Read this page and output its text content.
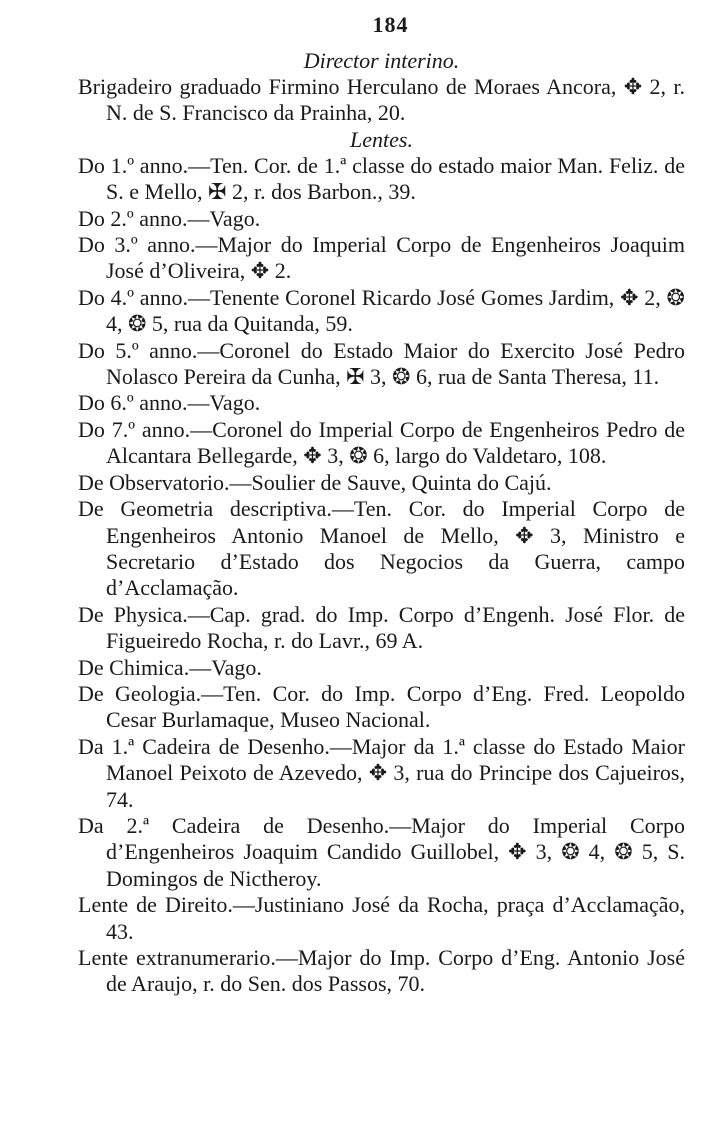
184

Director interino.

Brigadeiro graduado Firmino Herculano de Moraes Ancora, ✥ 2, r. N. de S. Francisco da Prainha, 20.

Lentes.

Do 1.º anno.—Ten. Cor. de 1.ª classe do estado maior Man. Feliz. de S. e Mello, ✠ 2, r. dos Barbon., 39.

Do 2.º anno.—Vago.

Do 3.º anno.—Major do Imperial Corpo de Engenheiros Joaquim José d’Oliveira, ✥ 2.

Do 4.º anno.—Tenente Coronel Ricardo José Gomes Jardim, ✥ 2, ❂ 4, ❂ 5, rua da Quitanda, 59.

Do 5.º anno.—Coronel do Estado Maior do Exercito José Pedro Nolasco Pereira da Cunha, ✠ 3, ❂ 6, rua de Santa Theresa, 11.

Do 6.º anno.—Vago.

Do 7.º anno.—Coronel do Imperial Corpo de Engenheiros Pedro de Alcantara Bellegarde, ✥ 3, ❂ 6, largo do Valdetaro, 108.

De Observatorio.—Soulier de Sauve, Quinta do Cajú.

De Geometria descriptiva.—Ten. Cor. do Imperial Corpo de Engenheiros Antonio Manoel de Mello, ✥ 3, Ministro e Secretario d’Estado dos Negocios da Guerra, campo d’Acclamação.

De Physica.—Cap. grad. do Imp. Corpo d’Engenh. José Flor. de Figueiredo Rocha, r. do Lavr., 69 A.

De Chimica.—Vago.

De Geologia.—Ten. Cor. do Imp. Corpo d’Eng. Fred. Leopoldo Cesar Burlamaque, Museo Nacional.

Da 1.ª Cadeira de Desenho.—Major da 1.ª classe do Estado Maior Manoel Peixoto de Azevedo, ✥ 3, rua do Principe dos Cajueiros, 74.

Da 2.ª Cadeira de Desenho.—Major do Imperial Corpo d’Engenheiros Joaquim Candido Guillobel, ✥ 3, ❂ 4, ❂ 5, S. Domingos de Nictheroy.

Lente de Direito.—Justiniano José da Rocha, praça d’Acclamação, 43.

Lente extranumerario.—Major do Imp. Corpo d’Eng. Antonio José de Araujo, r. do Sen. dos Passos, 70.
